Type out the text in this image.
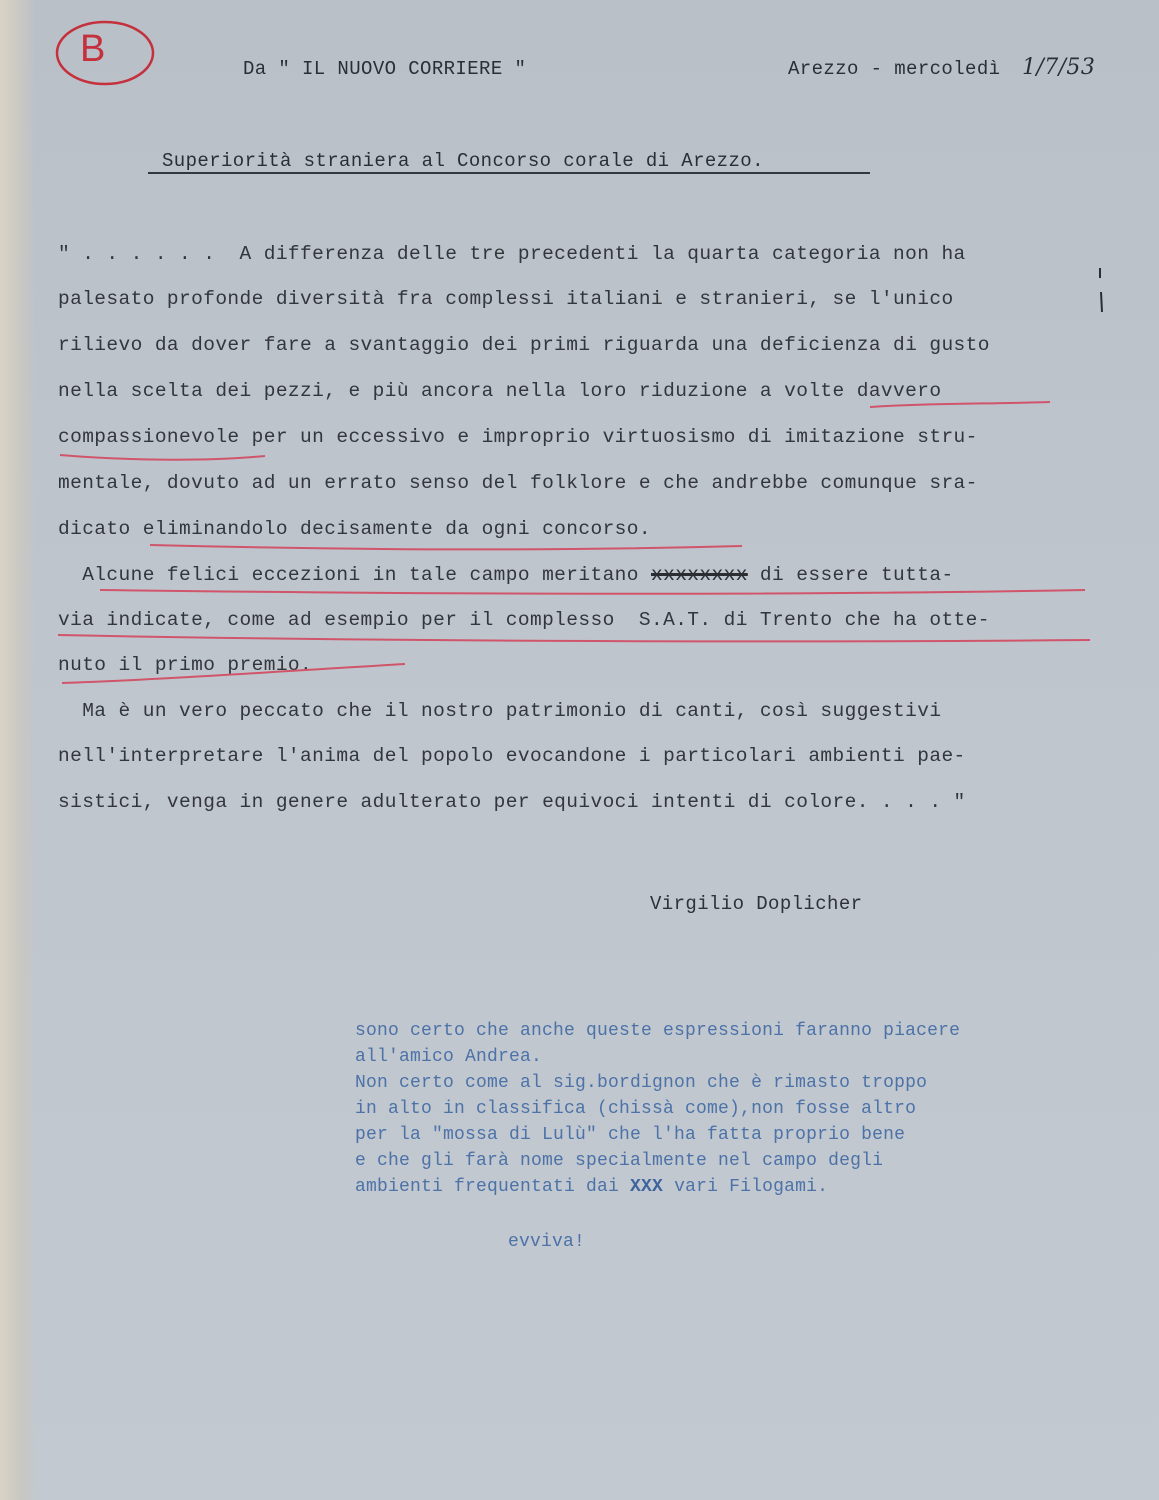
B	Da " IL NUOVO CORRIERE "	Arezzo - mercoledì 1/7/53
Superiorità straniera al Concorso corale di Arezzo.
" . . . . . .  A differenza delle tre precedenti la quarta categoria non ha
palesato profonde diversità fra complessi italiani e stranieri, se l'unico
rilievo da dover fare a svantaggio dei primi riguarda una deficienza di gusto
nella scelta dei pezzi, e più ancora nella loro riduzione a volte davvero
compassionevole per un eccessivo e improprio virtuosismo di imitazione stru-
mentale, dovuto ad un errato senso del folklore e che andrebbe comunque sra-
dicato eliminandolo decisamente da ogni concorso.
Alcune felici eccezioni in tale campo meritano xxxxxxxx di essere tutta-
via indicate, come ad esempio per il complesso  S.A.T. di Trento che ha otte-
nuto il primo premio.
Ma è un vero peccato che il nostro patrimonio di canti, così suggestivi
nell'interpretare l'anima del popolo evocandone i particolari ambienti pae-
sistici, venga in genere adulterato per equivoci intenti di colore. . . . "
Virgilio Doplicher
sono certo che anche queste espressioni faranno piacere
all'amico Andrea.
Non certo come al sig.bordignon che è rimasto troppo
in alto in classifica (chissà come),non fosse altro
per la "mossa di Lulù" che l'ha fatta proprio bene
e che gli farà nome specialmente nel campo degli
ambienti frequentati dai XXX vari Filogami.
evviva!
